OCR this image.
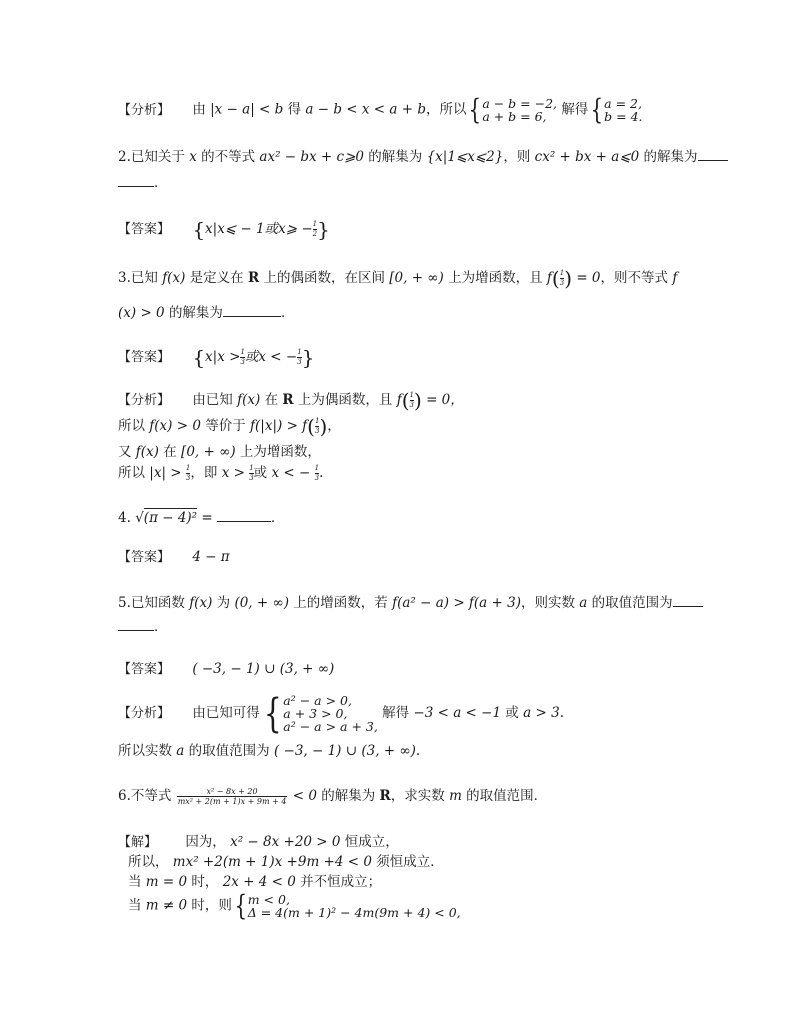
【分析】 由 |x − a| < b 得 a − b < x < a + b，所以{ a − b = −2,
a + b = 6,	解得{ a = 2,
b = 4.
2.已知关于 x 的不等式 ax² − bx + c⩾0 的解集为 {x|1⩽x⩽2}，则 cx² + bx + a⩽0 的解集为
．
【答案】 {x|x⩽ − 1或x⩾ − $\frac{1}{2}$ }
3.已知 f(x) 是定义在 R 上的偶函数，在区间 [0, + ∞) 上为增函数，且 $f( \frac{1}{3}$ ) = 0，则不等式 f
(x) > 0 的解集为	．
【答案】 {$x|x > \frac{1}{3}$ 或x < − $\frac{1}{3}$ }
【分析】 由已知 f(x) 在 R 上为偶函数，且 $f( \frac{1}{3}$ ) = 0，
所以 f(x) > 0 等价于 $f(|x|) > f( \frac{1}{3}$ )，
又 f(x) 在 [0, + ∞) 上为增函数，
所以 $|x| > \frac{1}{3}$ ，即 $x > \frac{1}{3}$ 或 x < − $\frac{1}{3}$ .
4. √(π − 4)² =	．
【答案】 4 − π
5.已知函数 f(x) 为 (0, + ∞) 上的增函数，若 f(a² − a) > f(a + 3)，则实数 a 的取值范围为
．
【答案】 ( −3, − 1) ∪ (3, + ∞)
【分析】 由已知可得{ a² − a > 0,
a + 3 > 0,
a² − a > a + 3,
解得 −3 < a < −1 或 a > 3.
所以实数 a 的取值范围为 ( −3, − 1) ∪ (3, + ∞).
6.不等式 $\frac{\text{x² − 8x + 20}}{\text{mx² + 2(m + 1)x + 9m + 4}} < 0$ 的解集为 R，求实数 m 的取值范围．
【解】 因为， x² − 8x +20 > 0 恒成立，
所以， mx² +2(m + 1)x +9m +4 < 0 须恒成立．
当 m = 0 时， 2x + 4 < 0 并不恒成立；
当 m ≠ 0 时，则{ m < 0,
Δ = 4(m + 1)² − 4m(9m + 4) < 0,
